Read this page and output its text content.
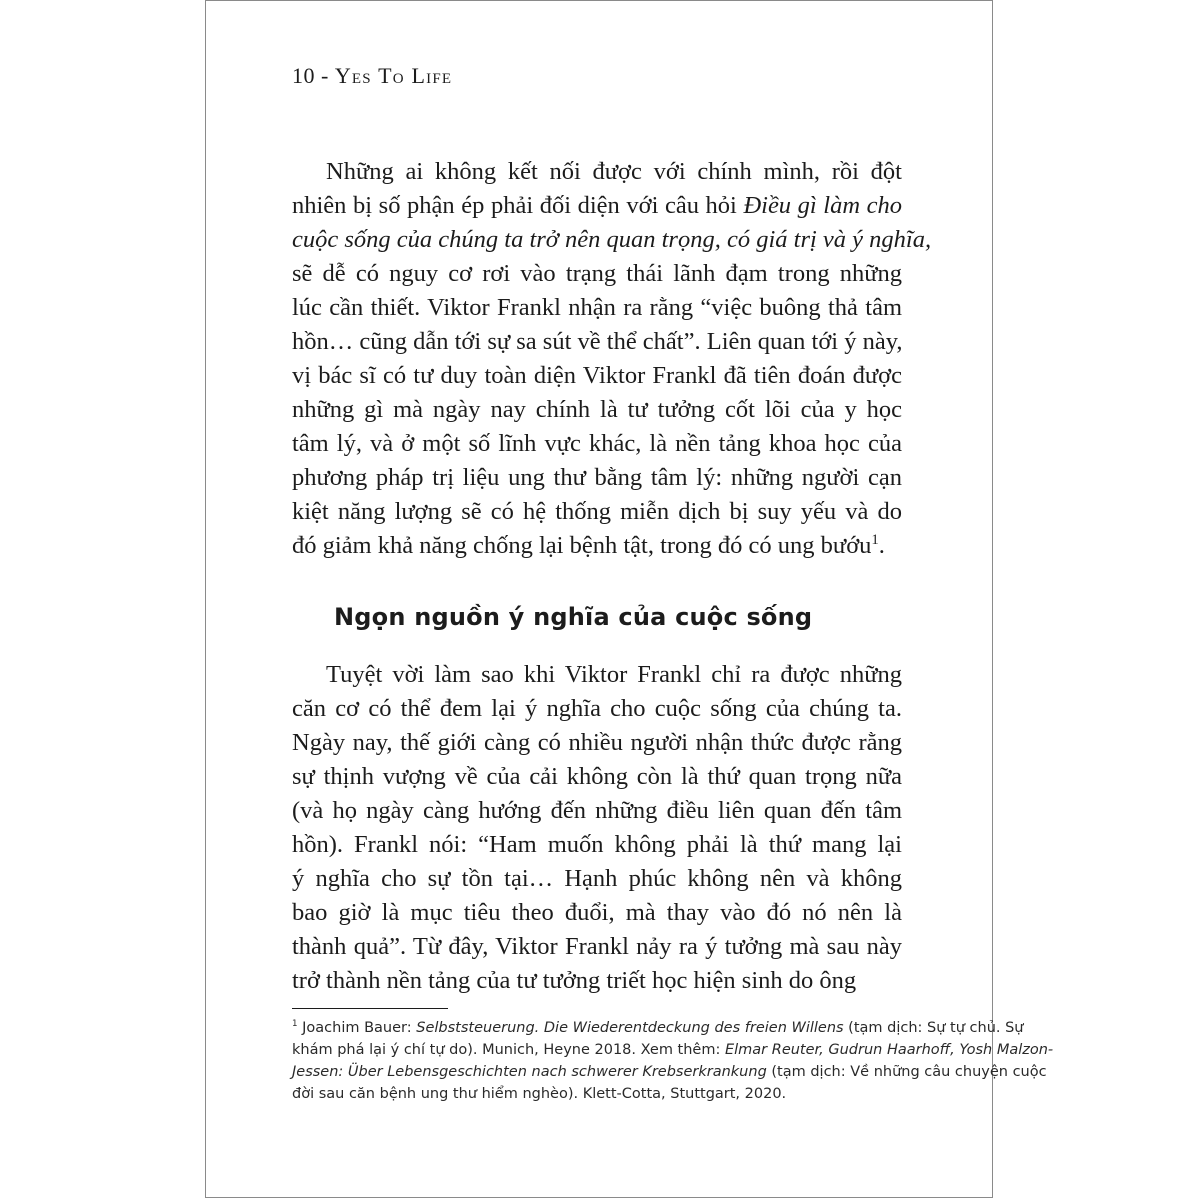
10 - Yes To Life
Những ai không kết nối được với chính mình, rồi đột
nhiên bị số phận ép phải đối diện với câu hỏi Điều gì làm cho
cuộc sống của chúng ta trở nên quan trọng, có giá trị và ý nghĩa,
sẽ dễ có nguy cơ rơi vào trạng thái lãnh đạm trong những
lúc cần thiết. Viktor Frankl nhận ra rằng “việc buông thả tâm
hồn… cũng dẫn tới sự sa sút về thể chất”. Liên quan tới ý này,
vị bác sĩ có tư duy toàn diện Viktor Frankl đã tiên đoán được
những gì mà ngày nay chính là tư tưởng cốt lõi của y học
tâm lý, và ở một số lĩnh vực khác, là nền tảng khoa học của
phương pháp trị liệu ung thư bằng tâm lý: những người cạn
kiệt năng lượng sẽ có hệ thống miễn dịch bị suy yếu và do
đó giảm khả năng chống lại bệnh tật, trong đó có ung bướu$^1$.
Ngọn nguồn ý nghĩa của cuộc sống
Tuyệt vời làm sao khi Viktor Frankl chỉ ra được những
căn cơ có thể đem lại ý nghĩa cho cuộc sống của chúng ta.
Ngày nay, thế giới càng có nhiều người nhận thức được rằng
sự thịnh vượng về của cải không còn là thứ quan trọng nữa
(và họ ngày càng hướng đến những điều liên quan đến tâm
hồn). Frankl nói: “Ham muốn không phải là thứ mang lại
ý nghĩa cho sự tồn tại… Hạnh phúc không nên và không
bao giờ là mục tiêu theo đuổi, mà thay vào đó nó nên là
thành quả”. Từ đây, Viktor Frankl nảy ra ý tưởng mà sau này
trở thành nền tảng của tư tưởng triết học hiện sinh do ông
$^1$ Joachim Bauer: Selbststeuerung. Die Wiederentdeckung des freien Willens (tạm dịch: Sự tự chủ. Sự
khám phá lại ý chí tự do). Munich, Heyne 2018. Xem thêm: Elmar Reuter, Gudrun Haarhoff, Yosh Malzon-
Jessen: Über Lebensgeschichten nach schwerer Krebserkrankung (tạm dịch: Về những câu chuyện cuộc
đời sau căn bệnh ung thư hiểm nghèo). Klett-Cotta, Stuttgart, 2020.
